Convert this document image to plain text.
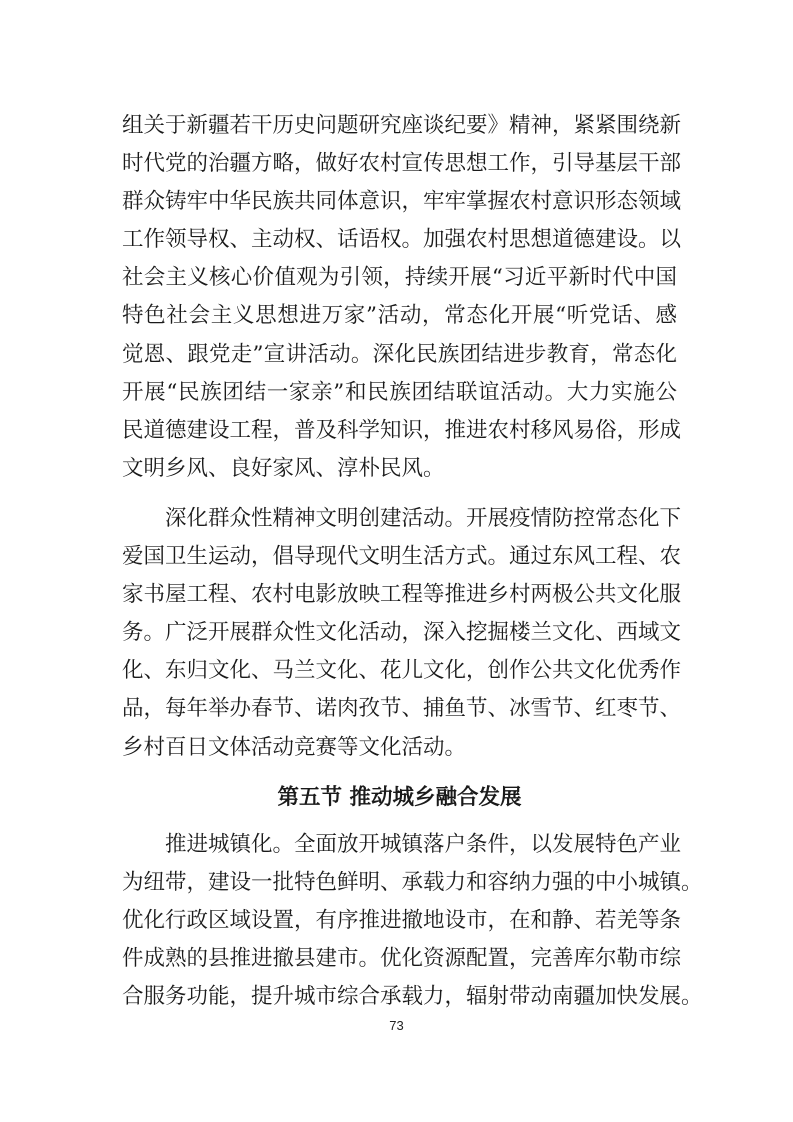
组关于新疆若干历史问题研究座谈纪要》精神，紧紧围绕新
时代党的治疆方略，做好农村宣传思想工作，引导基层干部
群众铸牢中华民族共同体意识，牢牢掌握农村意识形态领域
工作领导权、主动权、话语权。加强农村思想道德建设。以
社会主义核心价值观为引领，持续开展“习近平新时代中国
特色社会主义思想进万家”活动，常态化开展“听党话、感
觉恩、跟党走”宣讲活动。深化民族团结进步教育，常态化
开展“民族团结一家亲”和民族团结联谊活动。大力实施公
民道德建设工程，普及科学知识，推进农村移风易俗，形成
文明乡风、良好家风、淳朴民风。
深化群众性精神文明创建活动。开展疫情防控常态化下
爱国卫生运动，倡导现代文明生活方式。通过东风工程、农
家书屋工程、农村电影放映工程等推进乡村两极公共文化服
务。广泛开展群众性文化活动，深入挖掘楼兰文化、西域文
化、东归文化、马兰文化、花儿文化，创作公共文化优秀作
品，每年举办春节、诺肉孜节、捕鱼节、冰雪节、红枣节、
乡村百日文体活动竞赛等文化活动。
第五节 推动城乡融合发展
推进城镇化。全面放开城镇落户条件，以发展特色产业
为纽带，建设一批特色鲜明、承载力和容纳力强的中小城镇。
优化行政区域设置，有序推进撤地设市，在和静、若羌等条
件成熟的县推进撤县建市。优化资源配置，完善库尔勒市综
合服务功能，提升城市综合承载力，辐射带动南疆加快发展。
73
